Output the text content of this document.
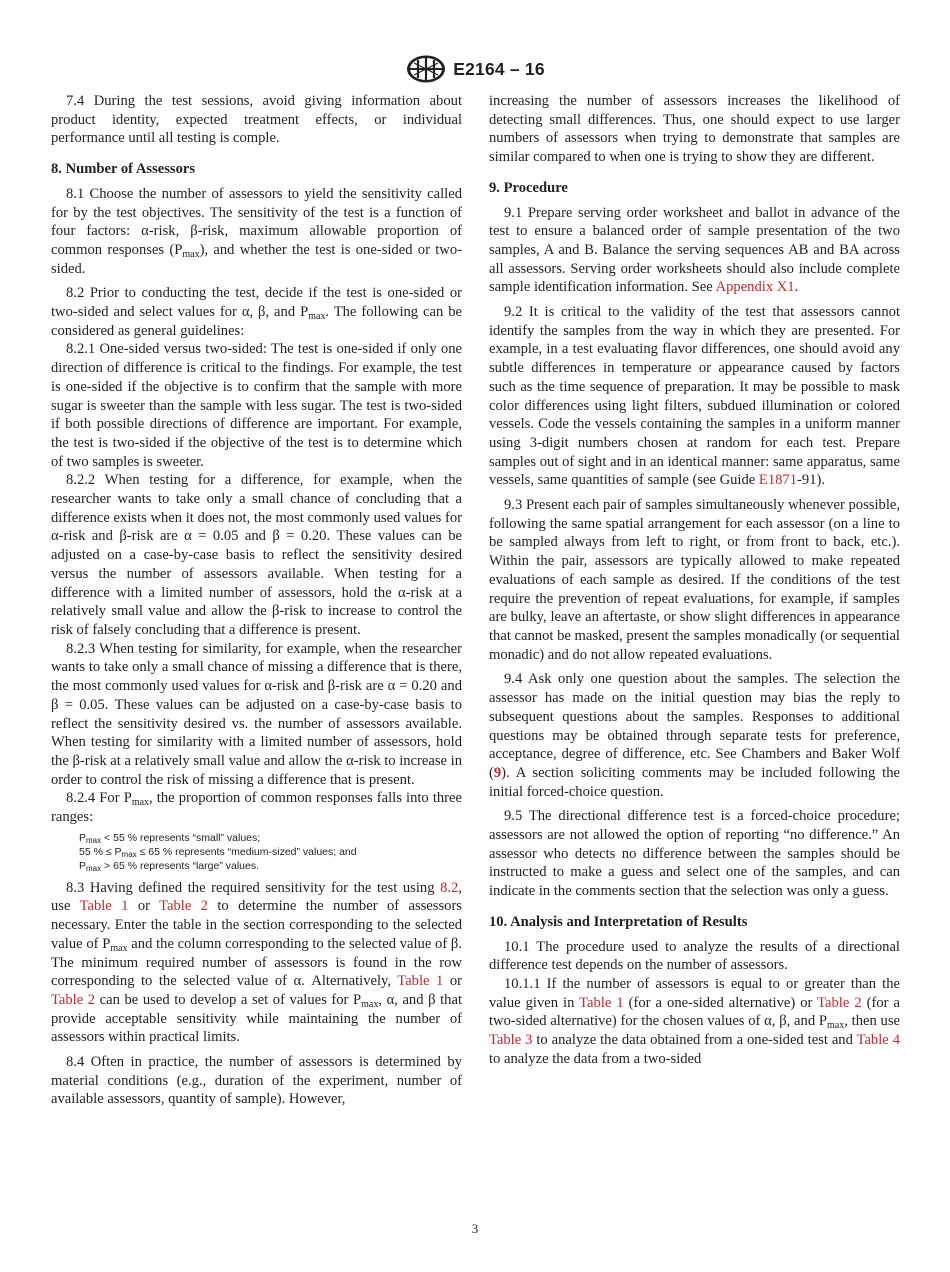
E2164 – 16

7.4 During the test sessions, avoid giving information about product identity, expected treatment effects, or individual performance until all testing is comple.

8. Number of Assessors

8.1 Choose the number of assessors to yield the sensitivity called for by the test objectives. The sensitivity of the test is a function of four factors: α-risk, β-risk, maximum allowable proportion of common responses $(P_{max})$, and whether the test is one-sided or two-sided.

8.2 Prior to conducting the test, decide if the test is one-sided or two-sided and select values for α, β, and $P_{max}$. The following can be considered as general guidelines:

8.2.1 One-sided versus two-sided: The test is one-sided if only one direction of difference is critical to the findings. For example, the test is one-sided if the objective is to confirm that the sample with more sugar is sweeter than the sample with less sugar. The test is two-sided if both possible directions of difference are important. For example, the test is two-sided if the objective of the test is to determine which of two samples is sweeter.

8.2.2 When testing for a difference, for example, when the researcher wants to take only a small chance of concluding that a difference exists when it does not, the most commonly used values for α-risk and β-risk are α = 0.05 and β = 0.20. These values can be adjusted on a case-by-case basis to reflect the sensitivity desired versus the number of assessors available. When testing for a difference with a limited number of assessors, hold the α-risk at a relatively small value and allow the β-risk to increase to control the risk of falsely concluding that a difference is present.

8.2.3 When testing for similarity, for example, when the researcher wants to take only a small chance of missing a difference that is there, the most commonly used values for α-risk and β-risk are α = 0.20 and β = 0.05. These values can be adjusted on a case-by-case basis to reflect the sensitivity desired vs. the number of assessors available. When testing for similarity with a limited number of assessors, hold the β-risk at a relatively small value and allow the α-risk to increase in order to control the risk of missing a difference that is present.

8.2.4 For $P_{max}$, the proportion of common responses falls into three ranges:

$P_{max} < 55$ % represents “small” values;
55 % ≤ $P_{max} \le 65$ % represents “medium-sized” values; and
$P_{max} > 65$ % represents “large” values.

8.3 Having defined the required sensitivity for the test using 8.2, use Table 1 or Table 2 to determine the number of assessors necessary. Enter the table in the section corresponding to the selected value of $P_{max}$ and the column corresponding to the selected value of β. The minimum required number of assessors is found in the row corresponding to the selected value of α. Alternatively, Table 1 or Table 2 can be used to develop a set of values for $P_{max}$, α, and β that provide acceptable sensitivity while maintaining the number of assessors within practical limits.

8.4 Often in practice, the number of assessors is determined by material conditions (e.g., duration of the experiment, number of available assessors, quantity of sample). However,

increasing the number of assessors increases the likelihood of detecting small differences. Thus, one should expect to use larger numbers of assessors when trying to demonstrate that samples are similar compared to when one is trying to show they are different.

9. Procedure

9.1 Prepare serving order worksheet and ballot in advance of the test to ensure a balanced order of sample presentation of the two samples, A and B. Balance the serving sequences AB and BA across all assessors. Serving order worksheets should also include complete sample identification information. See Appendix X1.

9.2 It is critical to the validity of the test that assessors cannot identify the samples from the way in which they are presented. For example, in a test evaluating flavor differences, one should avoid any subtle differences in temperature or appearance caused by factors such as the time sequence of preparation. It may be possible to mask color differences using light filters, subdued illumination or colored vessels. Code the vessels containing the samples in a uniform manner using 3-digit numbers chosen at random for each test. Prepare samples out of sight and in an identical manner: same apparatus, same vessels, same quantities of sample (see Guide E1871-91).

9.3 Present each pair of samples simultaneously whenever possible, following the same spatial arrangement for each assessor (on a line to be sampled always from left to right, or from front to back, etc.). Within the pair, assessors are typically allowed to make repeated evaluations of each sample as desired. If the conditions of the test require the prevention of repeat evaluations, for example, if samples are bulky, leave an aftertaste, or show slight differences in appearance that cannot be masked, present the samples monadically (or sequential monadic) and do not allow repeated evaluations.

9.4 Ask only one question about the samples. The selection the assessor has made on the initial question may bias the reply to subsequent questions about the samples. Responses to additional questions may be obtained through separate tests for preference, acceptance, degree of difference, etc. See Chambers and Baker Wolf (9). A section soliciting comments may be included following the initial forced-choice question.

9.5 The directional difference test is a forced-choice procedure; assessors are not allowed the option of reporting “no difference.” An assessor who detects no difference between the samples should be instructed to make a guess and select one of the samples, and can indicate in the comments section that the selection was only a guess.

10. Analysis and Interpretation of Results

10.1 The procedure used to analyze the results of a directional difference test depends on the number of assessors.

10.1.1 If the number of assessors is equal to or greater than the value given in Table 1 (for a one-sided alternative) or Table 2 (for a two-sided alternative) for the chosen values of α, β, and $P_{max}$, then use Table 3 to analyze the data obtained from a one-sided test and Table 4 to analyze the data from a two-sided

3
